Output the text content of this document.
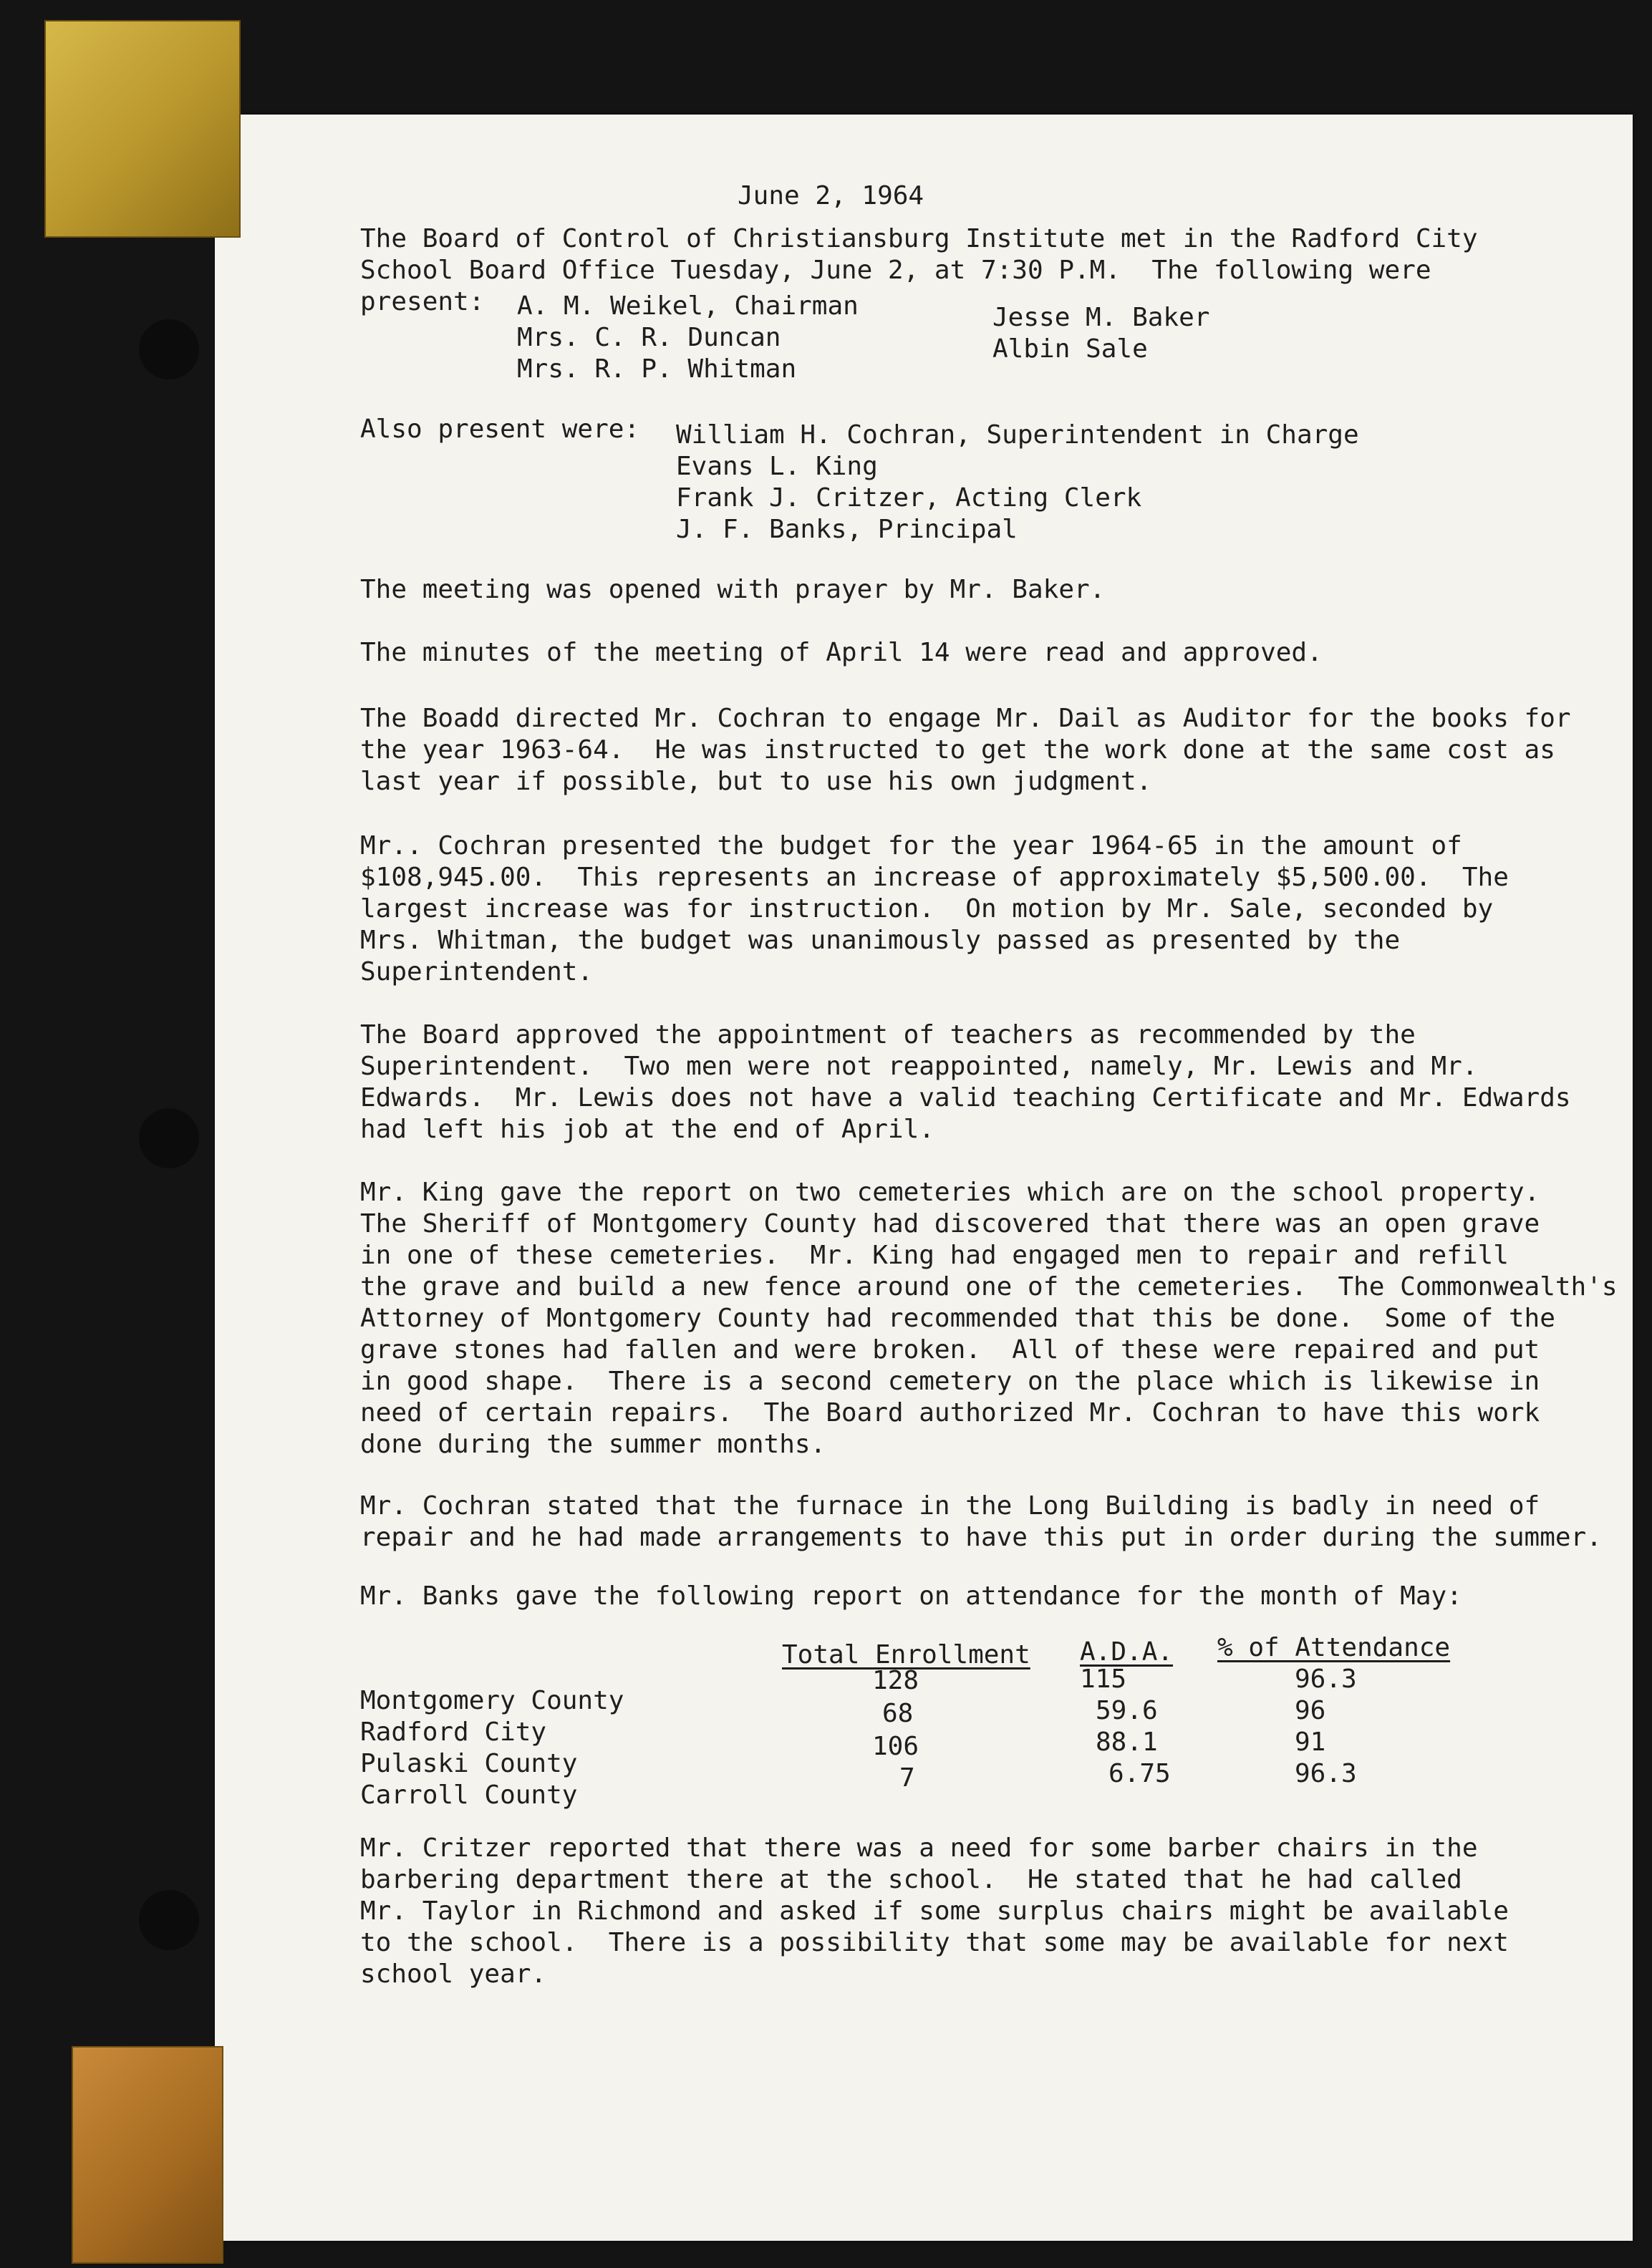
June 2, 1964
The Board of Control of Christiansburg Institute met in the Radford City
School Board Office Tuesday, June 2, at 7:30 P.M.  The following were
present: A. M. Weikel, Chairman
Mrs. C. R. Duncan
Mrs. R. P. Whitman
Jesse M. Baker
Albin Sale
Also present were: William H. Cochran, Superintendent in Charge
Evans L. King
Frank J. Critzer, Acting Clerk
J. F. Banks, Principal
The meeting was opened with prayer by Mr. Baker.
The minutes of the meeting of April 14 were read and approved.
The Boadd directed Mr. Cochran to engage Mr. Dail as Auditor for the books for
the year 1963-64.  He was instructed to get the work done at the same cost as
last year if possible, but to use his own judgment.
Mr.. Cochran presented the budget for the year 1964-65 in the amount of
$108,945.00.  This represents an increase of approximately $5,500.00.  The
largest increase was for instruction.  On motion by Mr. Sale, seconded by
Mrs. Whitman, the budget was unanimously passed as presented by the
Superintendent.
The Board approved the appointment of teachers as recommended by the
Superintendent.  Two men were not reappointed, namely, Mr. Lewis and Mr.
Edwards.  Mr. Lewis does not have a valid teaching Certificate and Mr. Edwards
had left his job at the end of April.
Mr. King gave the report on two cemeteries which are on the school property.
The Sheriff of Montgomery County had discovered that there was an open grave
in one of these cemeteries.  Mr. King had engaged men to repair and refill
the grave and build a new fence around one of the cemeteries.  The Commonwealth's
Attorney of Montgomery County had recommended that this be done.  Some of the
grave stones had fallen and were broken.  All of these were repaired and put
in good shape.  There is a second cemetery on the place which is likewise in
need of certain repairs.  The Board authorized Mr. Cochran to have this work
done during the summer months.
Mr. Cochran stated that the furnace in the Long Building is badly in need of
repair and he had made arrangements to have this put in order during the summer.
Mr. Banks gave the following report on attendance for the month of May:
Total Enrollment A.D.A. % of Attendance
Montgomery County
Radford City
Pulaski County
Carroll County
128
68
106
7
115
59.6
88.1
6.75
96.3
96
91
96.3
Mr. Critzer reported that there was a need for some barber chairs in the
barbering department there at the school.  He stated that he had called
Mr. Taylor in Richmond and asked if some surplus chairs might be available
to the school.  There is a possibility that some may be available for next
school year.
